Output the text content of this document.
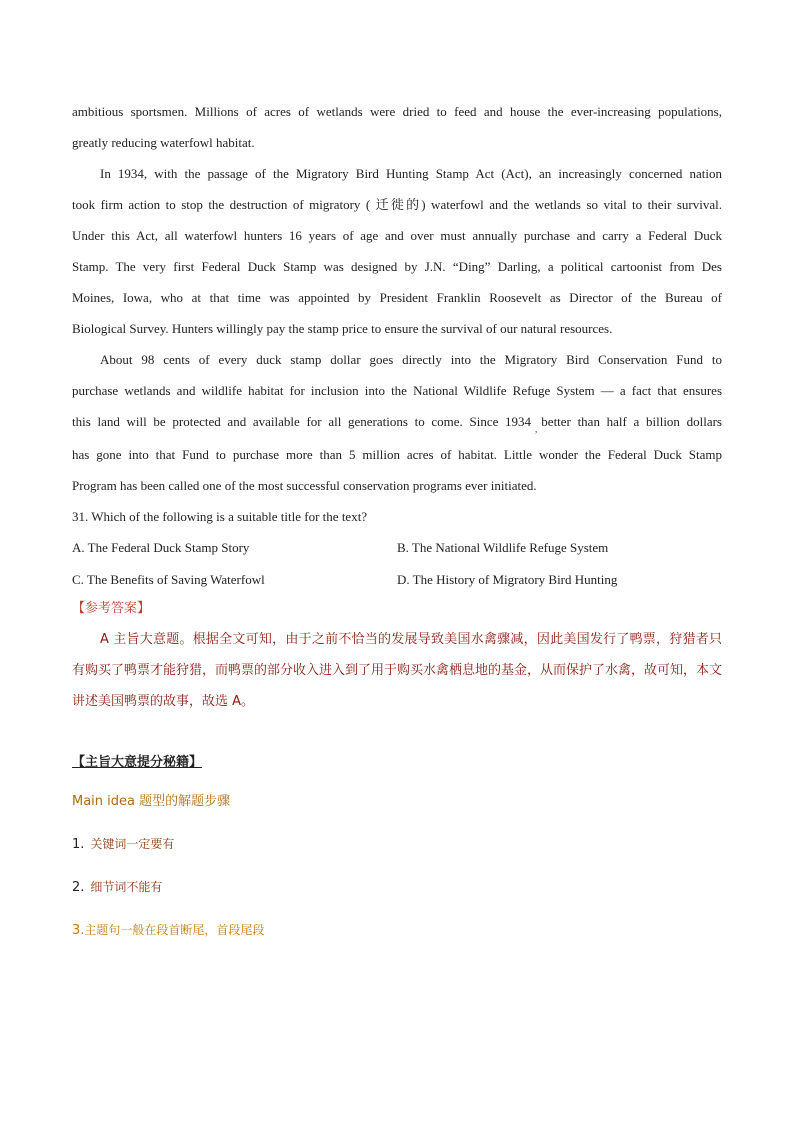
ambitious sportsmen. Millions of acres of wetlands were dried to feed and house the ever-increasing populations,

greatly reducing waterfowl habitat.

In 1934, with the passage of the Migratory Bird Hunting Stamp Act (Act), an increasingly concerned nation

took firm action to stop the destruction of migratory ( 迁徙的) waterfowl and the wetlands so vital to their survival.

Under this Act, all waterfowl hunters 16 years of age and over must annually purchase and carry a Federal Duck

Stamp. The very first Federal Duck Stamp was designed by J.N. “Ding” Darling, a political cartoonist from Des

Moines, Iowa, who at that time was appointed by President Franklin Roosevelt as Director of the Bureau of

Biological Survey. Hunters willingly pay the stamp price to ensure the survival of our natural resources.

About 98 cents of every duck stamp dollar goes directly into the Migratory Bird Conservation Fund to

purchase wetlands and wildlife habitat for inclusion into the National Wildlife Refuge System — a fact that ensures

this land will be protected and available for all generations to come. Since 1934 , better than half a billion dollars

has gone into that Fund to purchase more than 5 million acres of habitat. Little wonder the Federal Duck Stamp

Program has been called one of the most successful conservation programs ever initiated.

31. Which of the following is a suitable title for the text?

A. The Federal Duck Stamp Story	B. The National Wildlife Refuge System
C. The Benefits of Saving Waterfowl	D. The History of Migratory Bird Hunting

【参考答案】

A 主旨大意题。根据全文可知，由于之前不恰当的发展导致美国水禽骤减，因此美国发行了鸭票，狩猎者只有购买了鸭票才能狩猎，而鸭票的部分收入进入到了用于购买水禽栖息地的基金，从而保护了水禽，故可知，本文讲述美国鸭票的故事，故选 A。

【主旨大意提分秘籍】

Main idea 题型的解题步骤

1. 关键词一定要有

2. 细节词不能有

3.主题句一般在段首断尾，首段尾段
